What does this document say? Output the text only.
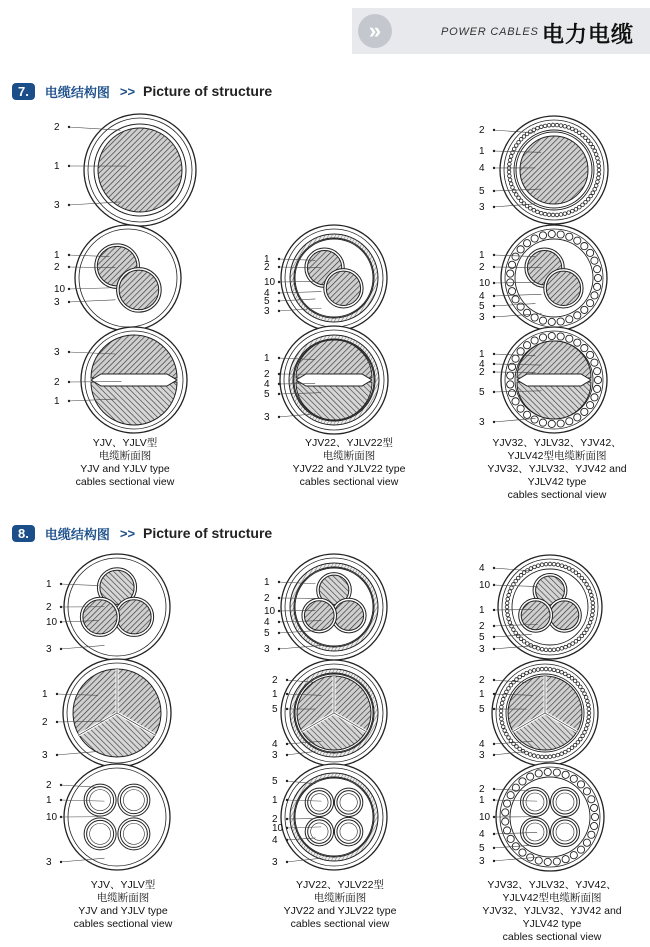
»	POWER CABLES 电力电缆
7.	电缆结构图 >> Picture of structure
8.	电缆结构图 >> Picture of structure
YJV、YJLV型
电缆断面图
YJV and YJLV type
cables sectional view
YJV22、YJLV22型
电缆断面图
YJV22 and YJLV22 type
cables sectional view
YJV32、YJLV32、YJV42、
YJLV42型电缆断面图
YJV32、YJLV32、YJV42 and
YJLV42 type
cables sectional view
YJV、YJLV型
电缆断面图
YJV and YJLV type
cables sectional view
YJV22、YJLV22型
电缆断面图
YJV22 and YJLV22 type
cables sectional view
YJV32、YJLV32、YJV42、
YJLV42型电缆断面图
YJV32、YJLV32、YJV42 and
YJLV42 type
cables sectional view
2
1
3
1
2
10
3
1
2
10
4
5
3
1
2
10
4
5
3
3
2
1
1
2
4
5
3
1
4
2
5
3
2
1
4
5
3
1
2
10
3
1
2
10
4
5
3
4
10
1
2
5
3
1
2
3
2
1
5
4
3
2
1
5
4
3
2
1
10
3
5
1
2
10
4
3
2
1
10
4
5
3
